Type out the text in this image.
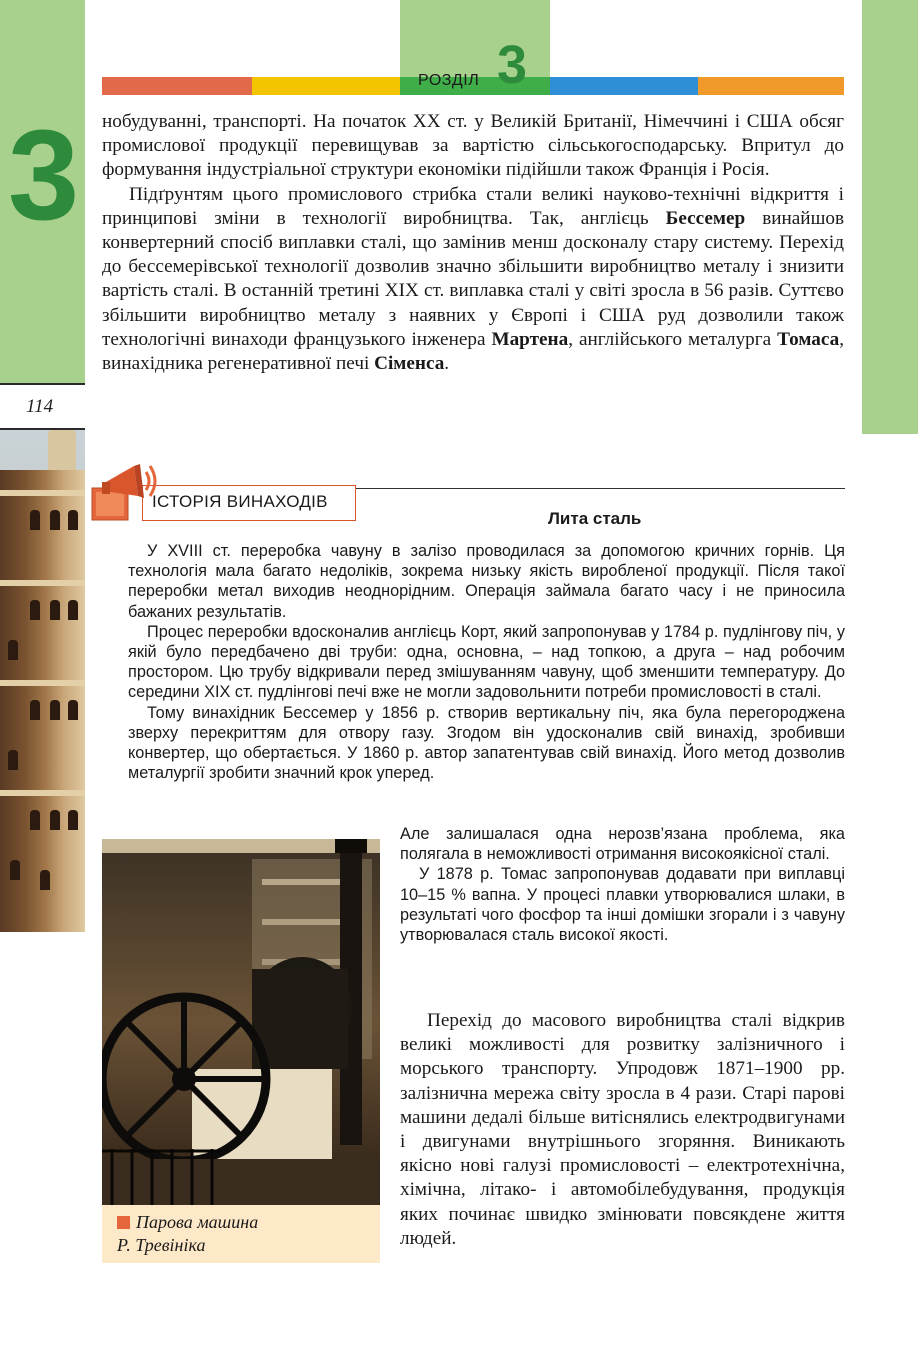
3
114
РОЗДІЛ 3

нобудуванні, транспорті. На початок XX ст. у Великій Британії, Німеччині і США обсяг промислової продукції перевищував за вартістю сільськогосподарську. Впритул до формування індустріальної структури економіки підійшли також Франція і Росія.

Підґрунтям цього промислового стрибка стали великі науково-технічні відкриття і принципові зміни в технології виробництва. Так, англієць Бессемер винайшов конвертерний спосіб виплавки сталі, що замінив менш досконалу стару систему. Перехід до бессемерівської технології дозволив значно збільшити виробництво металу і знизити вартість сталі. В останній третині XIX ст. виплавка сталі у світі зросла в 56 разів. Суттєво збільшити виробництво металу з наявних у Європі і США руд дозволили також технологічні винаходи французького інженера Мартена, англійського металурга Томаса, винахідника регенеративної печі Сіменса.

ІСТОРІЯ ВИНАХОДІВ
Лита сталь

У XVIII ст. переробка чавуну в залізо проводилася за допомогою кричних горнів. Ця технологія мала багато недоліків, зокрема низьку якість виробленої продукції. Після такої переробки метал виходив неоднорідним. Операція займала багато часу і не приносила бажаних результатів.

Процес переробки вдосконалив англієць Корт, який запропонував у 1784 р. пудлінгову піч, у якій було передбачено дві труби: одна, основна, – над топкою, а друга – над робочим простором. Цю трубу відкривали перед змішуванням чавуну, щоб зменшити температуру. До середини XIX ст. пудлінгові печі вже не могли задовольнити потреби промисловості в сталі.

Тому винахідник Бессемер у 1856 р. створив вертикальну піч, яка була перегороджена зверху перекриттям для отвору газу. Згодом він удосконалив свій винахід, зробивши конвертер, що обертається. У 1860 р. автор запатентував свій винахід. Його метод дозволив металургії зробити значний крок уперед.

Але залишалася одна нерозв’язана проблема, яка полягала в неможливості отримання високоякісної сталі.

У 1878 р. Томас запропонував додавати при виплавці 10–15 % вапна. У процесі плавки утворювалися шлаки, в результаті чого фосфор та інші домішки згорали і з чавуну утворювалася сталь високої якості.

Парова машина
Р. Тревініка

Перехід до масового виробництва сталі відкрив великі можливості для розвитку залізничного і морського транспорту. Упродовж 1871–1900 рр. залізнична мережа світу зросла в 4 рази. Старі парові машини дедалі більше витіснялись електродвигунами і двигунами внутрішнього згоряння. Виникають якісно нові галузі промисловості – електротехнічна, хімічна, літако- і автомобілебудування, продукція яких починає швидко змінювати повсякдене життя людей.
